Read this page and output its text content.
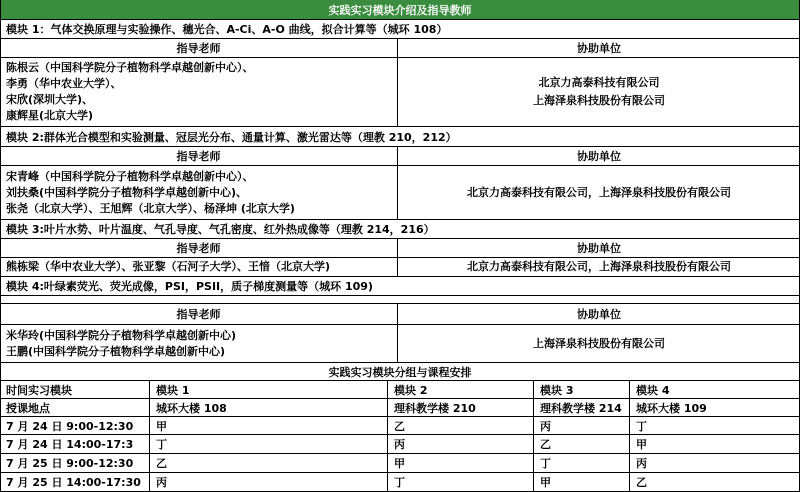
实践实习模块介绍及指导教师
模块 1：气体交换原理与实验操作、穗光合、A-Ci、A-O 曲线，拟合计算等（城环 108）
指导老师	协助单位
陈根云（中国科学院分子植物科学卓越创新中心）、
李勇（华中农业大学）、
宋欣(深圳大学)、
康辉星(北京大学)
北京力高泰科技有限公司
上海泽泉科技股份有限公司
模块 2:群体光合模型和实验测量、冠层光分布、通量计算、激光雷达等（理教 210，212）
指导老师	协助单位
宋青峰（中国科学院分子植物科学卓越创新中心）、
刘扶桑(中国科学院分子植物科学卓越创新中心)、
张尧（北京大学）、王旭辉（北京大学）、杨泽坤 (北京大学)
北京力高泰科技有限公司，上海泽泉科技股份有限公司
模块 3:叶片水势、叶片温度、气孔导度、气孔密度、红外热成像等（理教 214，216）
指导老师	协助单位
熊栋梁（华中农业大学）、张亚黎（石河子大学）、王愔（北京大学)	北京力高泰科技有限公司，上海泽泉科技股份有限公司
模块 4:叶绿素荧光、荧光成像，PSI，PSII，质子梯度测量等（城环 109)
指导老师	协助单位
米华玲(中国科学院分子植物科学卓越创新中心)
王鹏(中国科学院分子植物科学卓越创新中心)
上海泽泉科技股份有限公司
实践实习模块分组与课程安排
时间实习模块	模块 1	模块 2	模块 3	模块 4
授课地点	城环大楼 108	理科教学楼 210	理科教学楼 214	城环大楼 109
7 月 24 日 9:00-12:30	甲	乙	丙	丁
7 月 24 日 14:00-17:3	丁	丙	乙	甲
7 月 25 日 9:00-12:30	乙	甲	丁	丙
7 月 25 日 14:00-17:30	丙	丁	甲	乙
